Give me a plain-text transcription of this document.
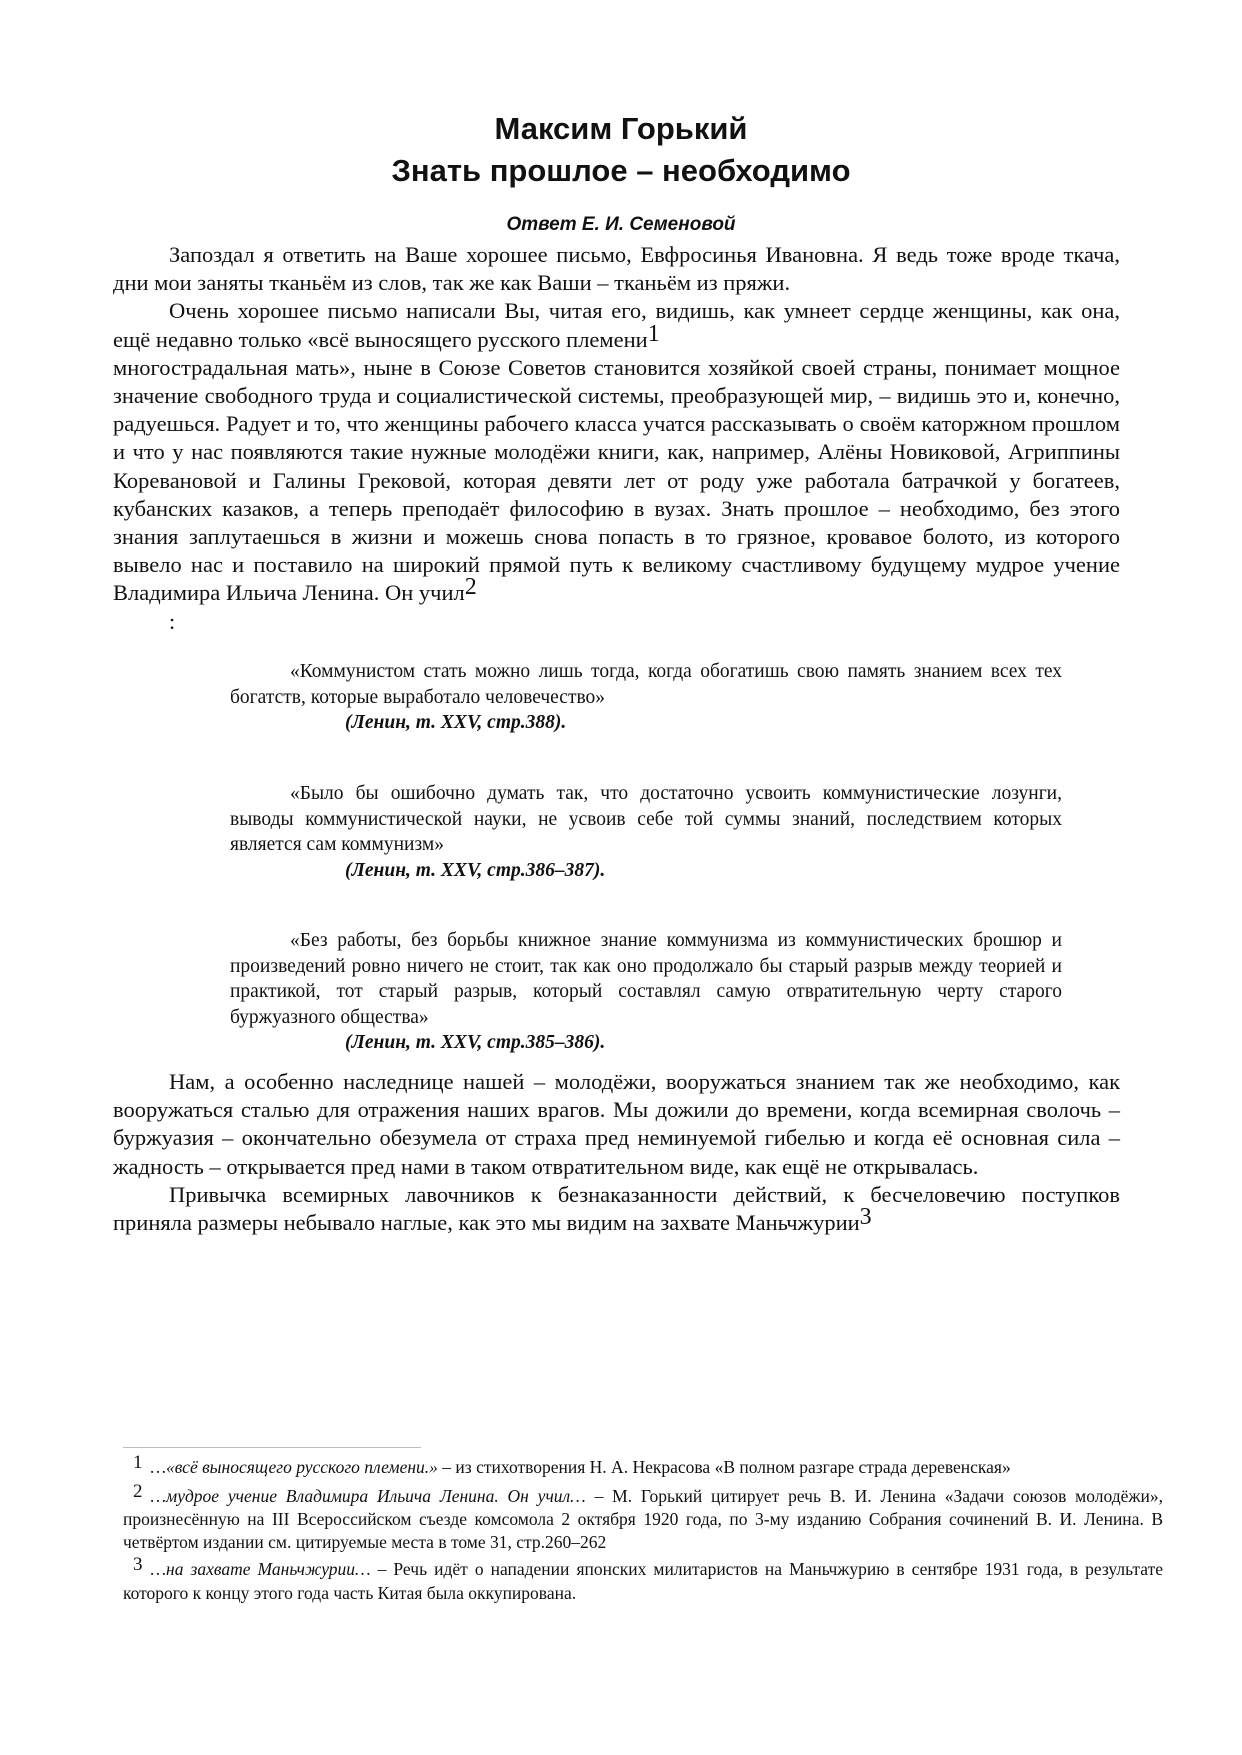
Максим Горький
Знать прошлое – необходимо

Ответ Е. И. Семеновой

Запоздал я ответить на Ваше хорошее письмо, Евфросинья Ивановна. Я ведь тоже вроде ткача, дни мои заняты тканьём из слов, так же как Ваши – тканьём из пряжи.

Очень хорошее письмо написали Вы, читая его, видишь, как умнеет сердце женщины, как она, ещё недавно только «всё выносящего русского племени$^1$

многострадальная мать», ныне в Союзе Советов становится хозяйкой своей страны, понимает мощное значение свободного труда и социалистической системы, преобразующей мир, – видишь это и, конечно, радуешься. Радует и то, что женщины рабочего класса учатся рассказывать о своём каторжном прошлом и что у нас появляются такие нужные молодёжи книги, как, например, Алёны Новиковой, Агриппины Коревановой и Галины Грековой, которая девяти лет от роду уже работала батрачкой у богатеев, кубанских казаков, а теперь преподаёт философию в вузах. Знать прошлое – необходимо, без этого знания заплутаешься в жизни и можешь снова попасть в то грязное, кровавое болото, из которого вывело нас и поставило на широкий прямой путь к великому счастливому будущему мудрое учение Владимира Ильича Ленина. Он учил$^2$

:

«Коммунистом стать можно лишь тогда, когда обогатишь свою память знанием всех тех богатств, которые выработало человечество»

(Ленин, т. XXV, стр.388).

«Было бы ошибочно думать так, что достаточно усвоить коммунистические лозунги, выводы коммунистической науки, не усвоив себе той суммы знаний, последствием которых является сам коммунизм»

(Ленин, т. XXV, стр.386–387).

«Без работы, без борьбы книжное знание коммунизма из коммунистических брошюр и произведений ровно ничего не стоит, так как оно продолжало бы старый разрыв между теорией и практикой, тот старый разрыв, который составлял самую отвратительную черту старого буржуазного общества»

(Ленин, т. XXV, стр.385–386).

Нам, а особенно наследнице нашей – молодёжи, вооружаться знанием так же необходимо, как вооружаться сталью для отражения наших врагов. Мы дожили до времени, когда всемирная сволочь – буржуазия – окончательно обезумела от страха пред неминуемой гибелью и когда её основная сила – жадность – открывается пред нами в таком отвратительном виде, как ещё не открывалась.

Привычка всемирных лавочников к безнаказанности действий, к бесчеловечию поступков приняла размеры небывало наглые, как это мы видим на захвате Маньчжурии$^3$

1 …«всё выносящего русского племени.» – из стихотворения Н. А. Некрасова «В полном разгаре страда деревенская»

2 …мудрое учение Владимира Ильича Ленина. Он учил… – М. Горький цитирует речь В. И. Ленина «Задачи союзов молодёжи», произнесённую на III Всероссийском съезде комсомола 2 октября 1920 года, по 3-му изданию Собрания сочинений В. И. Ленина. В четвёртом издании см. цитируемые места в томе 31, стр.260–262

3 …на захвате Маньчжурии… – Речь идёт о нападении японских милитаристов на Маньчжурию в сентябре 1931 года, в результате которого к концу этого года часть Китая была оккупирована.
